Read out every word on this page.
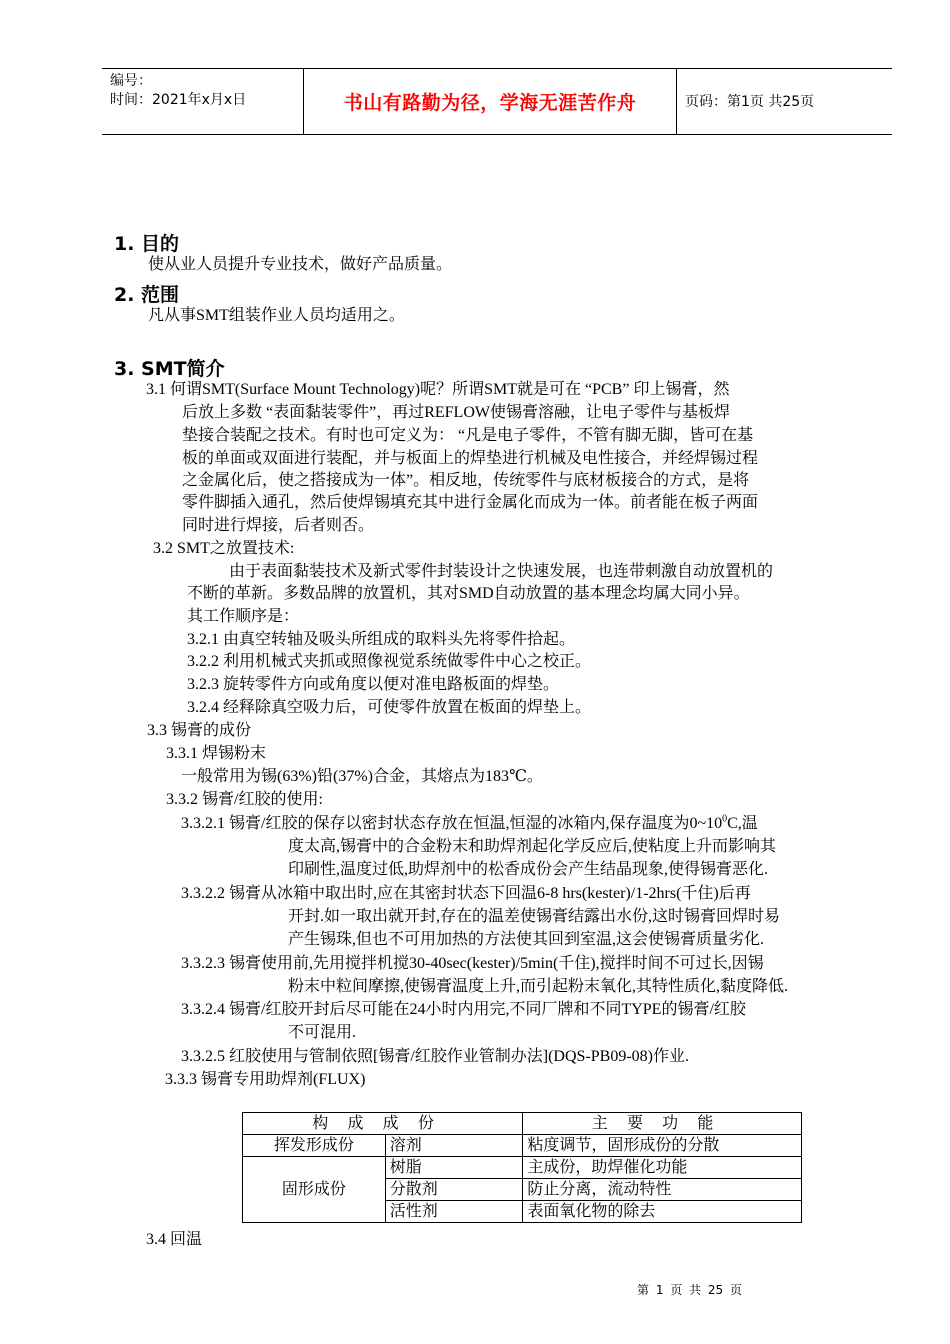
编号：
时间：2021年x月x日	书山有路勤为径，学海无涯苦作舟	页码：第1页 共25页
1. 目的
使从业人员提升专业技术，做好产品质量。
2. 范围
凡从事SMT组装作业人员均适用之。
3. SMT简介
3.1 何谓SMT(Surface Mount Technology)呢？所谓SMT就是可在 “PCB” 印上锡膏，然
后放上多数 “表面黏装零件”，再过REFLOW使锡膏溶融，让电子零件与基板焊
垫接合装配之技术。有时也可定义为： “凡是电子零件，不管有脚无脚，皆可在基
板的单面或双面进行装配，并与板面上的焊垫进行机械及电性接合，并经焊锡过程
之金属化后，使之搭接成为一体”。相反地，传统零件与底材板接合的方式，是将
零件脚插入通孔，然后使焊锡填充其中进行金属化而成为一体。前者能在板子两面
同时进行焊接，后者则否。
3.2 SMT之放置技术:
由于表面黏装技术及新式零件封装设计之快速发展，也连带刺激自动放置机的
不断的革新。多数品牌的放置机，其对SMD自动放置的基本理念均属大同小异。
其工作顺序是：
3.2.1 由真空转轴及吸头所组成的取料头先将零件拾起。
3.2.2 利用机械式夹抓或照像视觉系统做零件中心之校正。
3.2.3 旋转零件方向或角度以便对准电路板面的焊垫。
3.2.4 经释除真空吸力后，可使零件放置在板面的焊垫上。
3.3 锡膏的成份
3.3.1 焊锡粉末
一般常用为锡(63%)铅(37%)合金，其熔点为183℃。
3.3.2 锡膏/红胶的使用:
3.3.2.1 锡膏/红胶的保存以密封状态存放在恒温,恒湿的冰箱内,保存温度为$0\sim 10^0C$,温
度太高,锡膏中的合金粉末和助焊剂起化学反应后,使粘度上升而影响其
印刷性,温度过低,助焊剂中的松香成份会产生结晶现象,使得锡膏恶化.
3.3.2.2 锡膏从冰箱中取出时,应在其密封状态下回温6-8 hrs(kester)/1-2hrs(千住)后再
开封.如一取出就开封,存在的温差使锡膏结露出水份,这时锡膏回焊时易
产生锡珠,但也不可用加热的方法使其回到室温,这会使锡膏质量劣化.
3.3.2.3 锡膏使用前,先用搅拌机搅30-40sec(kester)/5min(千住),搅拌时间不可过长,因锡
粉末中粒间摩擦,使锡膏温度上升,而引起粉末氧化,其特性质化,黏度降低.
3.3.2.4 锡膏/红胶开封后尽可能在24小时内用完,不同厂牌和不同TYPE的锡膏/红胶
不可混用.
3.3.2.5 红胶使用与管制依照[锡膏/红胶作业管制办法](DQS-PB09-08)作业.
3.3.3 锡膏专用助焊剂(FLUX)
构成成份		主要功能
挥发形成份	溶剂	粘度调节，固形成份的分散
固形成份	树脂	主成份，助焊催化功能
	分散剂	防止分离，流动特性
	活性剂	表面氧化物的除去
3.4 回温
第 1 页 共 25 页
